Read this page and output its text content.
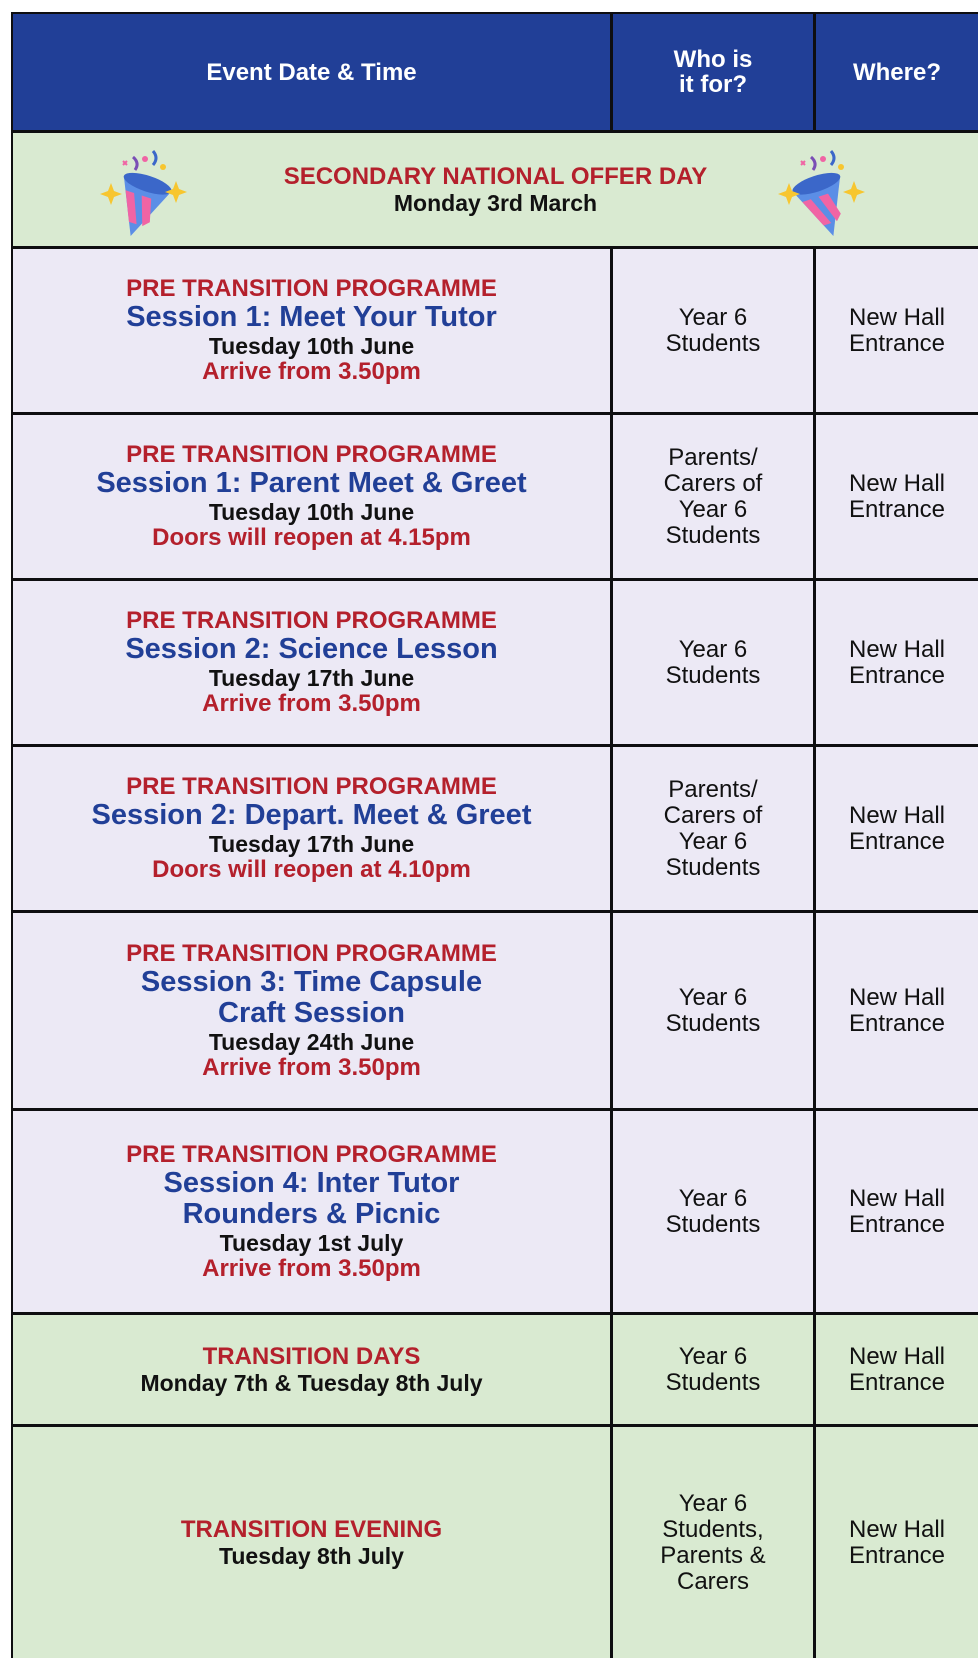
Event Date & Time	Who is
it for?	Where?
SECONDARY NATIONAL OFFER DAY
Monday 3rd March
PRE TRANSITION PROGRAMME
Session 1: Meet Your Tutor
Tuesday 10th June
Arrive from 3.50pm
Year 6
Students
New Hall
Entrance
PRE TRANSITION PROGRAMME
Session 1: Parent Meet & Greet
Tuesday 10th June
Doors will reopen at 4.15pm
Parents/
Carers of
Year 6
Students
New Hall
Entrance
PRE TRANSITION PROGRAMME
Session 2: Science Lesson
Tuesday 17th June
Arrive from 3.50pm
Year 6
Students
New Hall
Entrance
PRE TRANSITION PROGRAMME
Session 2: Depart. Meet & Greet
Tuesday 17th June
Doors will reopen at 4.10pm
Parents/
Carers of
Year 6
Students
New Hall
Entrance
PRE TRANSITION PROGRAMME
Session 3: Time Capsule
Craft Session
Tuesday 24th June
Arrive from 3.50pm
Year 6
Students
New Hall
Entrance
PRE TRANSITION PROGRAMME
Session 4: Inter Tutor
Rounders & Picnic
Tuesday 1st July
Arrive from 3.50pm
Year 6
Students
New Hall
Entrance
TRANSITION DAYS
Monday 7th & Tuesday 8th July
Year 6
Students
New Hall
Entrance
TRANSITION EVENING
Tuesday 8th July
Year 6
Students,
Parents &
Carers
New Hall
Entrance
